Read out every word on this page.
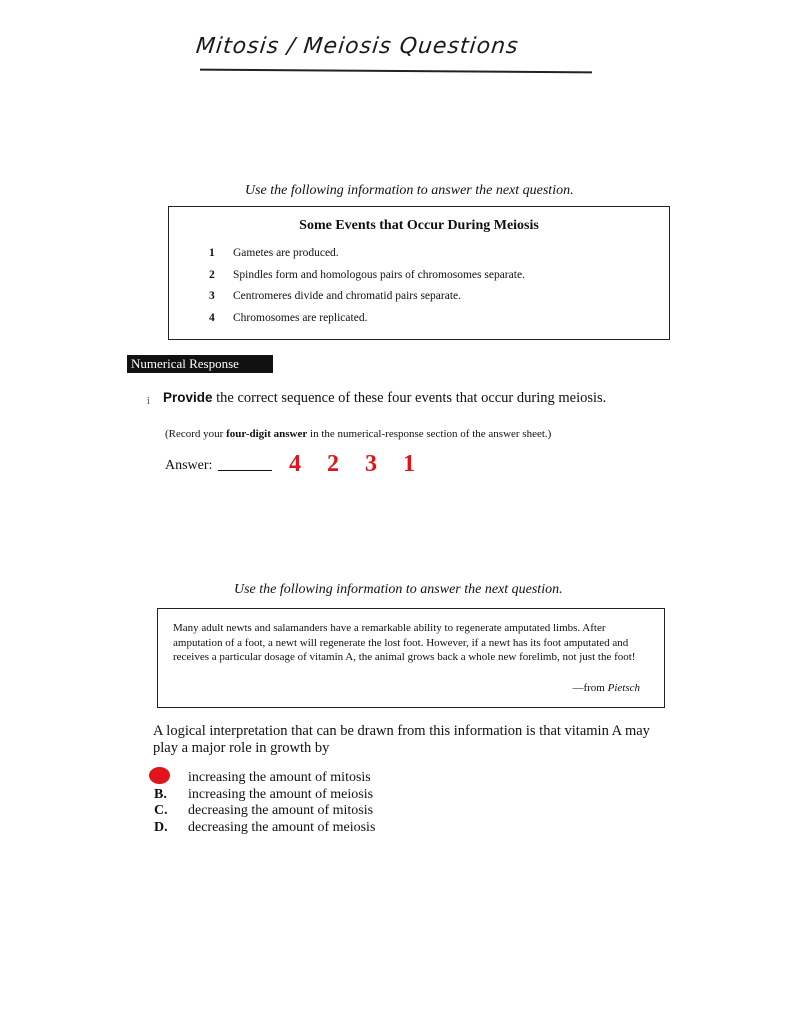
Mitosis / Meiosis Questions
Use the following information to answer the next question.
Some Events that Occur During Meiosis
1	Gametes are produced.
2	Spindles form and homologous pairs of chromosomes separate.
3	Centromeres divide and chromatid pairs separate.
4	Chromosomes are replicated.
Numerical Response
i Provide the correct sequence of these four events that occur during meiosis.
(Record your four-digit answer in the numerical-response section of the answer sheet.)
Answer:	4 2 3 1
Use the following information to answer the next question.
Many adult newts and salamanders have a remarkable ability to regenerate amputated limbs. After amputation of a foot, a newt will regenerate the lost foot. However, if a newt has its foot amputated and receives a particular dosage of vitamin A, the animal grows back a whole new forelimb, not just the foot!
—from Pietsch
A logical interpretation that can be drawn from this information is that vitamin A may play a major role in growth by
increasing the amount of mitosis
B.	increasing the amount of meiosis
C.	decreasing the amount of mitosis
D.	decreasing the amount of meiosis
